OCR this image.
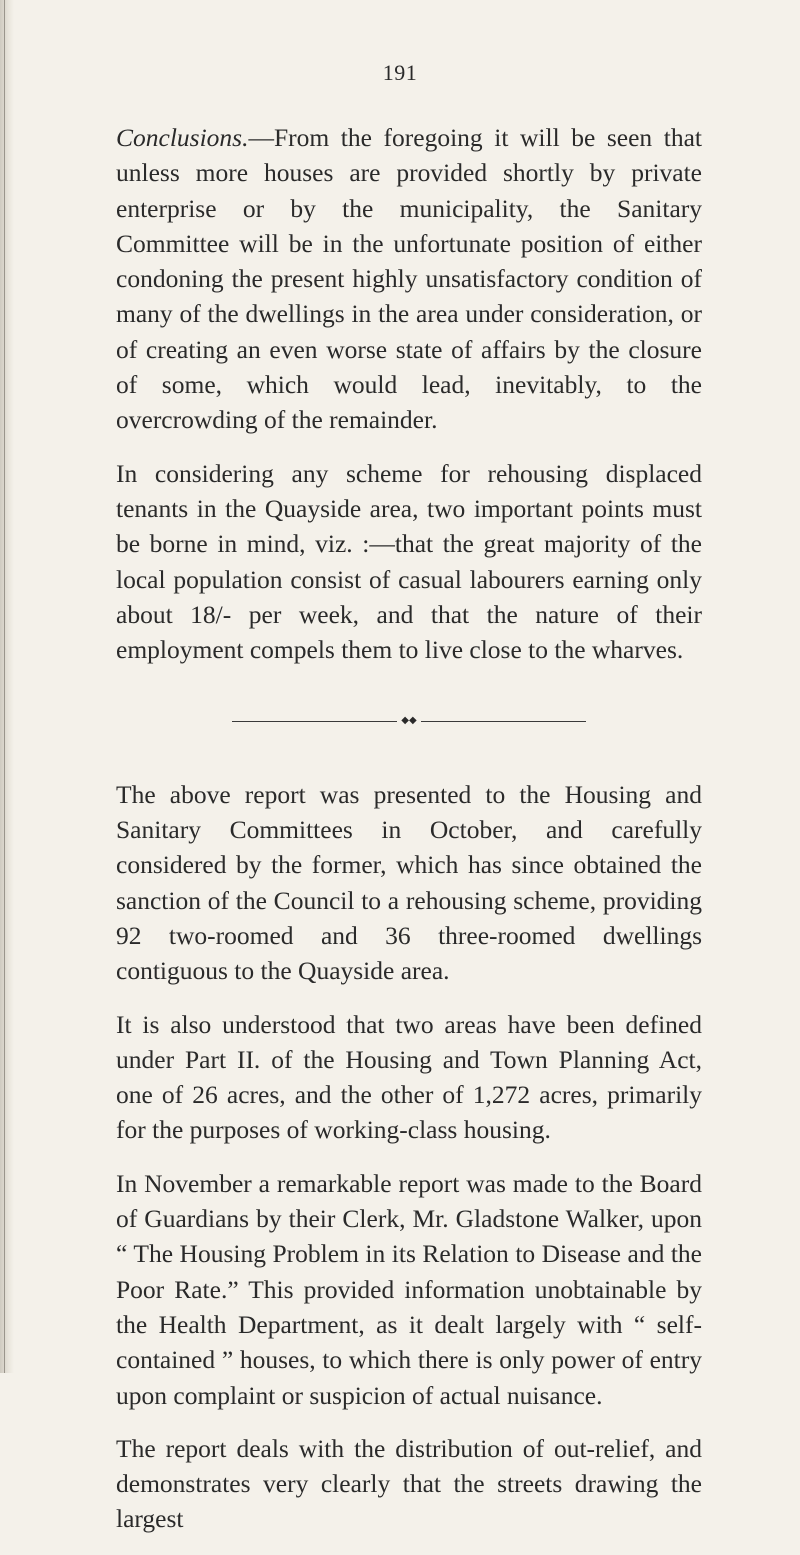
191

Conclusions.—From the foregoing it will be seen that unless more houses are provided shortly by private enterprise or by the municipality, the Sanitary Committee will be in the unfortunate position of either condoning the present highly unsatisfactory condition of many of the dwellings in the area under consideration, or of creating an even worse state of affairs by the closure of some, which would lead, inevitably, to the overcrowding of the remainder.

In considering any scheme for rehousing displaced tenants in the Quayside area, two important points must be borne in mind, viz. :—that the great majority of the local population consist of casual labourers earning only about 18/- per week, and that the nature of their employment compels them to live close to the wharves.

◆◆

The above report was presented to the Housing and Sanitary Committees in October, and carefully considered by the former, which has since obtained the sanction of the Council to a rehousing scheme, providing 92 two-roomed and 36 three-roomed dwellings contiguous to the Quayside area.

It is also understood that two areas have been defined under Part II. of the Housing and Town Planning Act, one of 26 acres, and the other of 1,272 acres, primarily for the purposes of working-class housing.

In November a remarkable report was made to the Board of Guardians by their Clerk, Mr. Gladstone Walker, upon “ The Housing Problem in its Relation to Disease and the Poor Rate.” This provided information unobtainable by the Health Department, as it dealt largely with “ self-contained ” houses, to which there is only power of entry upon complaint or suspicion of actual nuisance.

The report deals with the distribution of out-relief, and demonstrates very clearly that the streets drawing the largest
